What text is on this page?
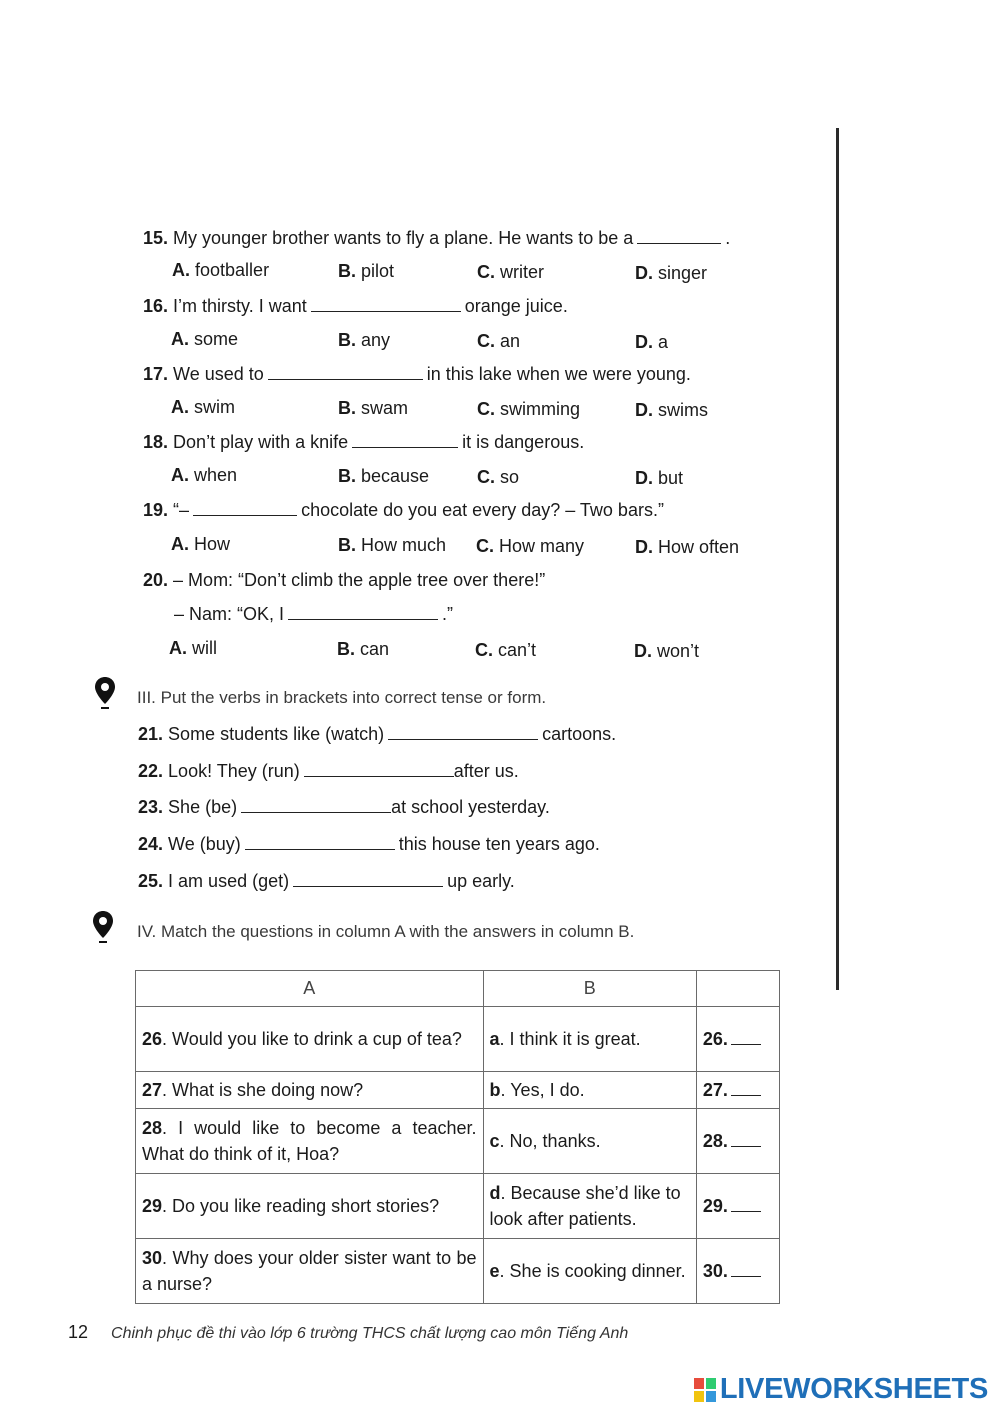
15. My younger brother wants to fly a plane. He wants to be a	.
A. footballer	B. pilot	C. writer	D. singer
16. I’m thirsty. I want	orange juice.
A. some	B. any	C. an	D. a
17. We used to	in this lake when we were young.
A. swim	B. swam	C. swimming	D. swims
18. Don’t play with a knife	it is dangerous.
A. when	B. because	C. so	D. but
19. “–	chocolate do you eat every day? – Two bars.”
A. How	B. How much C. How many	D. How often
20. – Mom: “Don’t climb the apple tree over there!”
– Nam: “OK, I	.”
A. will	B. can	C. can’t	D. won’t
III. Put the verbs in brackets into correct tense or form.
21. Some students like (watch)	cartoons.
22. Look! They (run)	after us.
23. She (be)	at school yesterday.
24. We (buy)	this house ten years ago.
25. I am used (get)	up early.
IV. Match the questions in column A with the answers in column B.
A	B	
26. Would you like to drink a cup of tea?	a. I think it is great.	26.
27. What is she doing now?	b. Yes, I do.	27.
28. I would like to become a teacher. What do think of it, Hoa?	c. No, thanks.	28.
29. Do you like reading short stories?	d. Because she’d like to look after patients.	29.
30. Why does your older sister want to be a nurse?	e. She is cooking dinner.	30.
12 Chinh phục đề thi vào lớp 6 trường THCS chất lượng cao môn Tiếng Anh
LIVEWORKSHEETS
